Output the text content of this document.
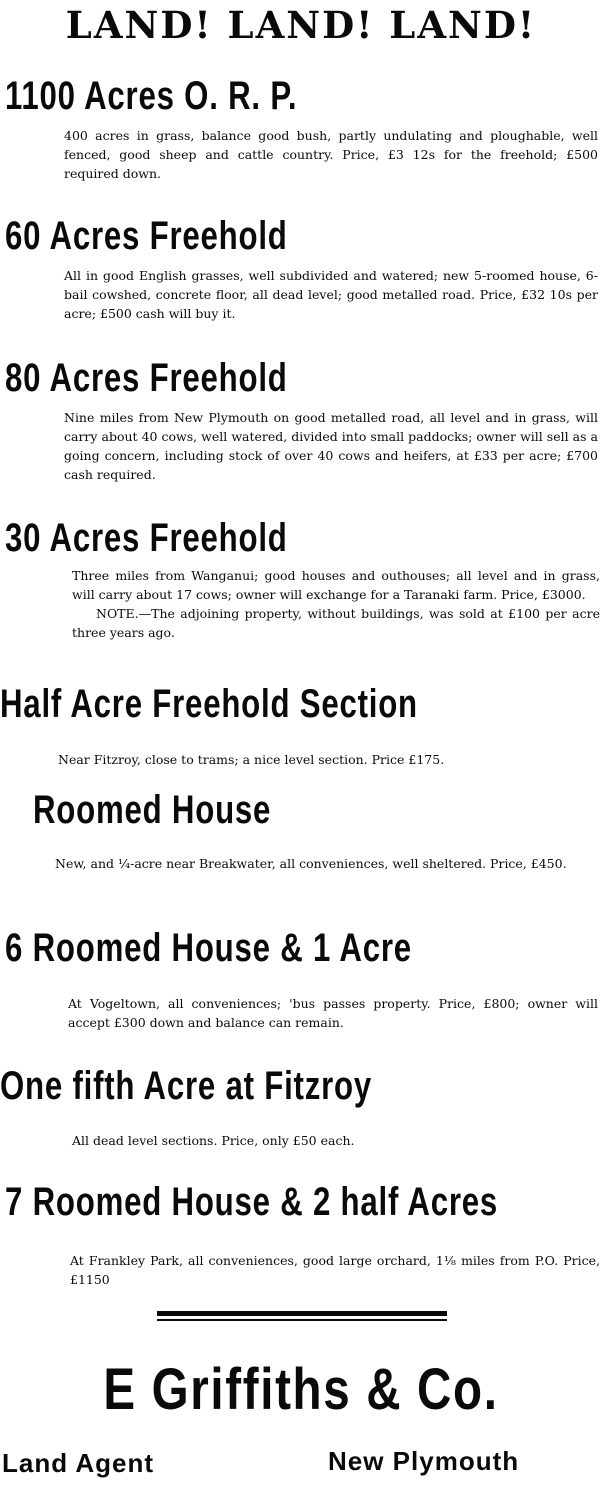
LAND! LAND! LAND!
1100 Acres O. R. P.

400 acres in grass, balance good bush, partly undulating and ploughable, well fenced, good sheep and cattle country. Price, £3 12s for the freehold; £500 required down.

60 Acres Freehold

All in good English grasses, well subdivided and watered; new 5-roomed house, 6-bail cowshed, concrete floor, all dead level; good metalled road. Price, £32 10s per acre; £500 cash will buy it.

80 Acres Freehold

Nine miles from New Plymouth on good metalled road, all level and in grass, will carry about 40 cows, well watered, divided into small paddocks; owner will sell as a going concern, including stock of over 40 cows and heifers, at £33 per acre; £700 cash required.

30 Acres Freehold

Three miles from Wanganui; good houses and outhouses; all level and in grass, will carry about 17 cows; owner will exchange for a Taranaki farm. Price, £3000.

NOTE.—The adjoining property, without buildings, was sold at £100 per acre three years ago.

Half Acre Freehold Section

Near Fitzroy, close to trams; a nice level section. Price £175.

Roomed House

New, and ¼-acre near Breakwater, all conveniences, well sheltered. Price, £450.

6 Roomed House & 1 Acre

At Vogeltown, all conveniences; 'bus passes property. Price, £800; owner will accept £300 down and balance can remain.

One fifth Acre at Fitzroy

All dead level sections. Price, only £50 each.

7 Roomed House & 2 half Acres

At Frankley Park, all conveniences, good large orchard, 1⅛ miles from P.O. Price, £1150

E Griffiths & Co.
Land Agent	New Plymouth
